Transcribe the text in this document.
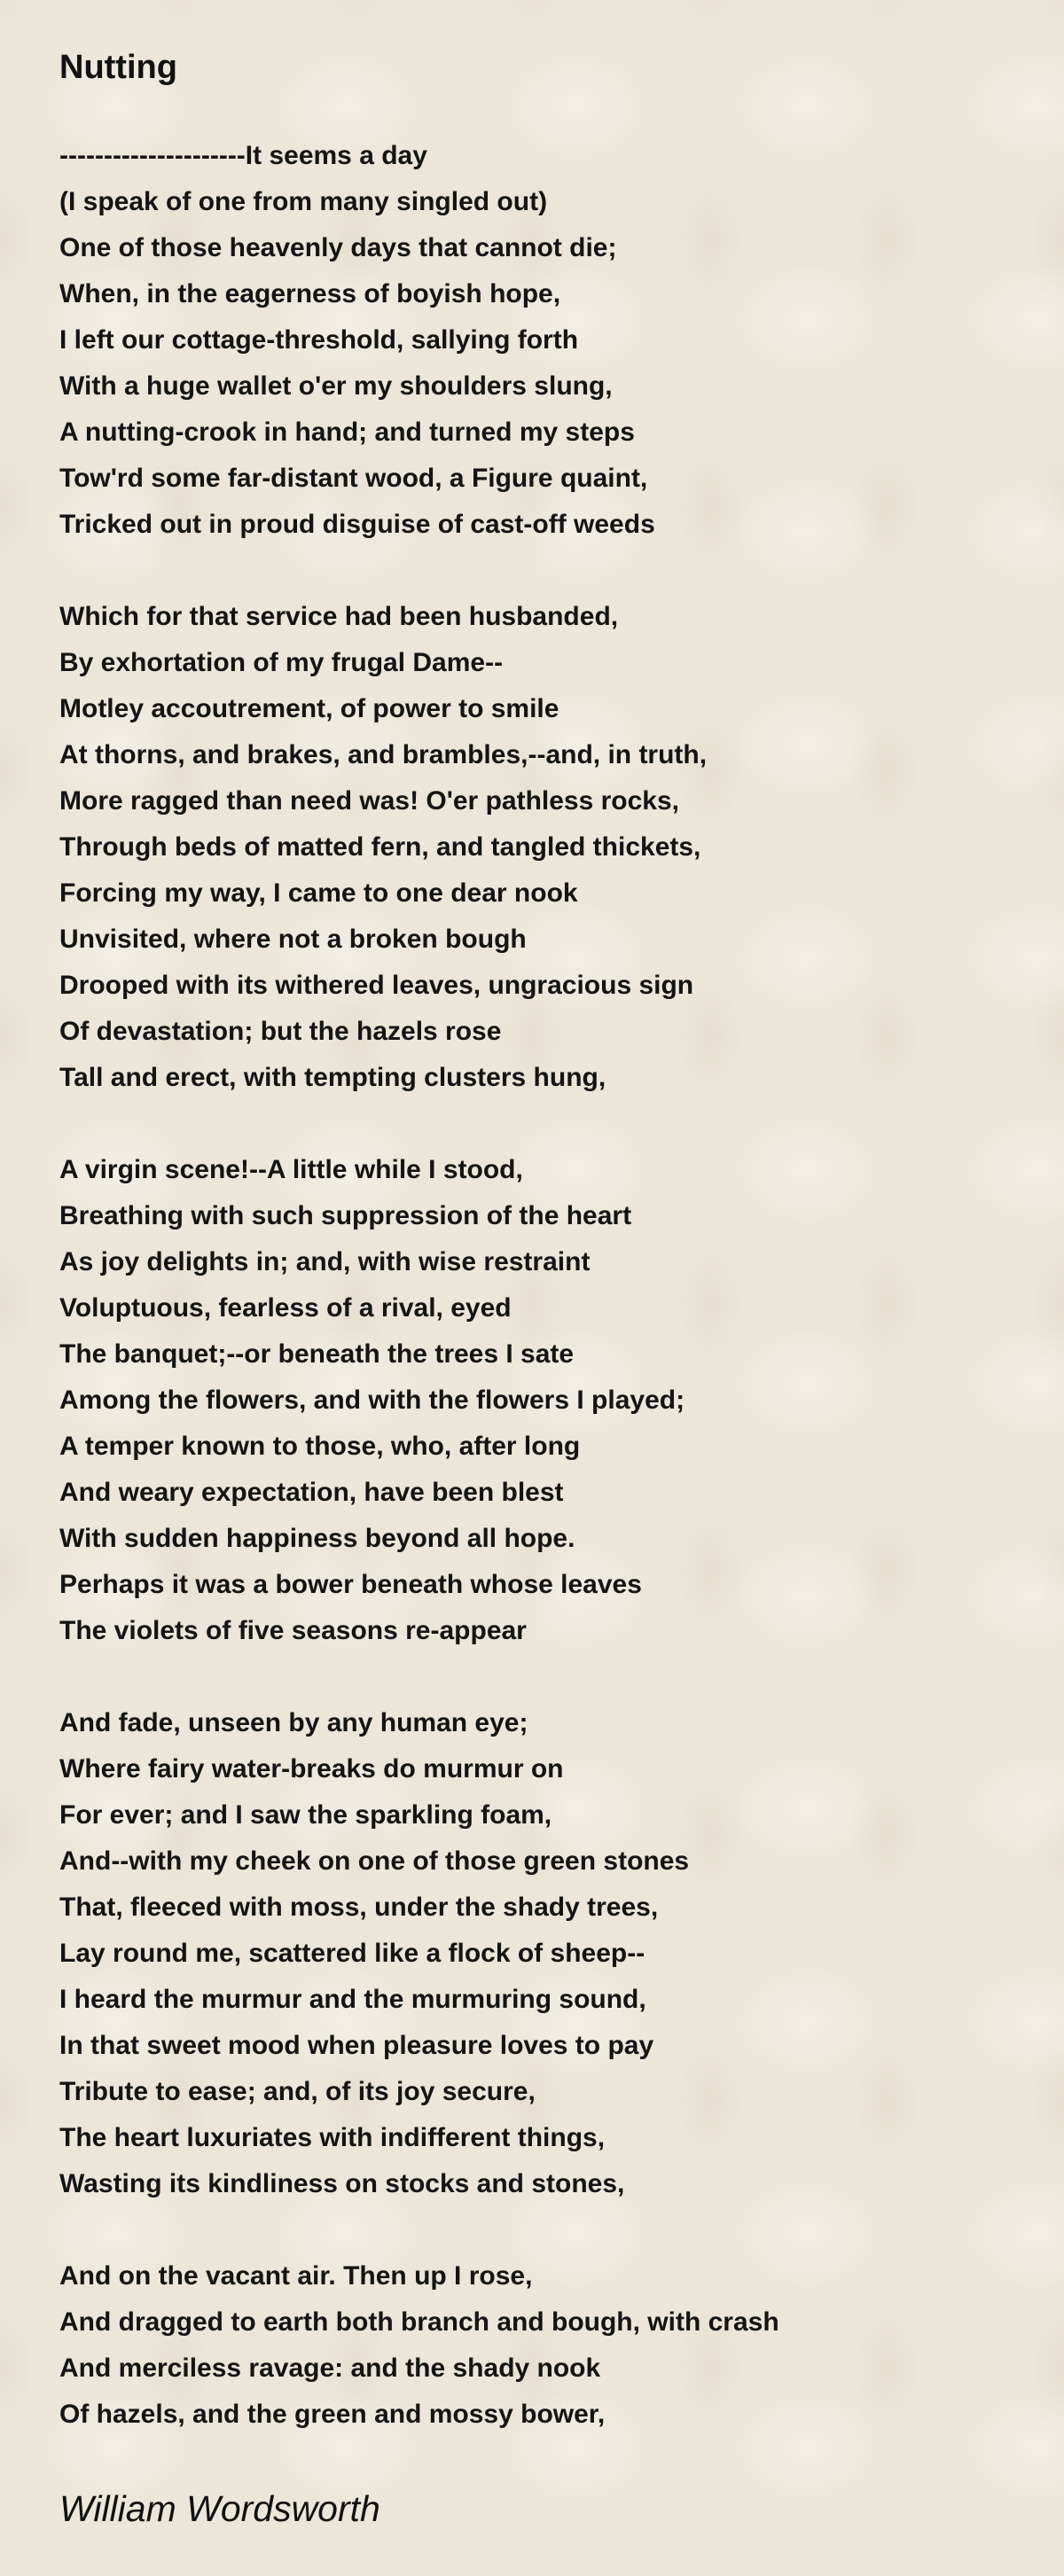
Nutting
---------------------It seems a day
(I speak of one from many singled out)
One of those heavenly days that cannot die;
When, in the eagerness of boyish hope,
I left our cottage-threshold, sallying forth
With a huge wallet o'er my shoulders slung,
A nutting-crook in hand; and turned my steps
Tow'rd some far-distant wood, a Figure quaint,
Tricked out in proud disguise of cast-off weeds
Which for that service had been husbanded,
By exhortation of my frugal Dame--
Motley accoutrement, of power to smile
At thorns, and brakes, and brambles,--and, in truth,
More ragged than need was! O'er pathless rocks,
Through beds of matted fern, and tangled thickets,
Forcing my way, I came to one dear nook
Unvisited, where not a broken bough
Drooped with its withered leaves, ungracious sign
Of devastation; but the hazels rose
Tall and erect, with tempting clusters hung,
A virgin scene!--A little while I stood,
Breathing with such suppression of the heart
As joy delights in; and, with wise restraint
Voluptuous, fearless of a rival, eyed
The banquet;--or beneath the trees I sate
Among the flowers, and with the flowers I played;
A temper known to those, who, after long
And weary expectation, have been blest
With sudden happiness beyond all hope.
Perhaps it was a bower beneath whose leaves
The violets of five seasons re-appear
And fade, unseen by any human eye;
Where fairy water-breaks do murmur on
For ever; and I saw the sparkling foam,
And--with my cheek on one of those green stones
That, fleeced with moss, under the shady trees,
Lay round me, scattered like a flock of sheep--
I heard the murmur and the murmuring sound,
In that sweet mood when pleasure loves to pay
Tribute to ease; and, of its joy secure,
The heart luxuriates with indifferent things,
Wasting its kindliness on stocks and stones,
And on the vacant air. Then up I rose,
And dragged to earth both branch and bough, with crash
And merciless ravage: and the shady nook
Of hazels, and the green and mossy bower,

William Wordsworth
